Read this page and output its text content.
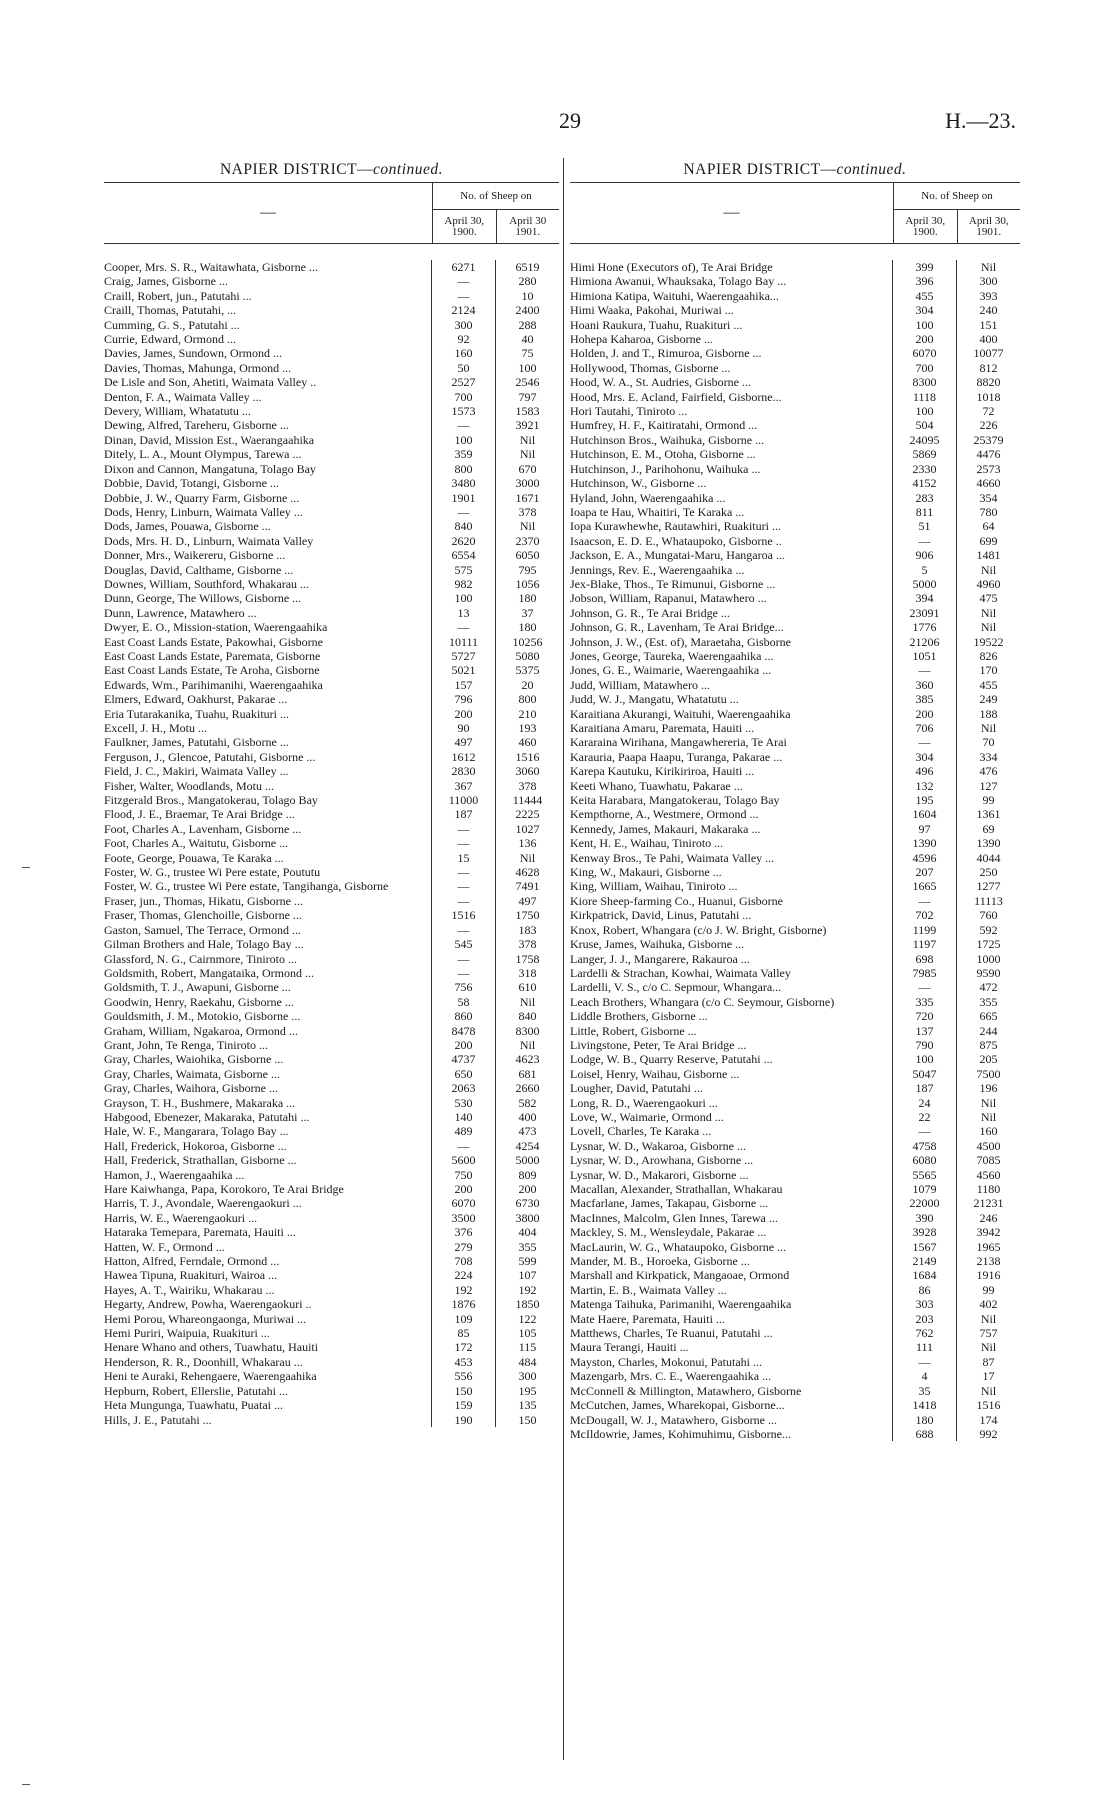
29	H.—23.
NAPIER DISTRICT—continued.
—
No. of Sheep on
April 30, 1900.
April 30 1901.
Cooper, Mrs. S. R., Waitawhata, Gisborne ...	6271	6519
Craig, James, Gisborne ...	—	280
Craill, Robert, jun., Patutahi ...	—	10
Craill, Thomas, Patutahi, ...	2124	2400
Cumming, G. S., Patutahi ...	300	288
Currie, Edward, Ormond ...	92	40
Davies, James, Sundown, Ormond ...	160	75
Davies, Thomas, Mahunga, Ormond ...	50	100
De Lisle and Son, Ahetiti, Waimata Valley ..	2527	2546
Denton, F. A., Waimata Valley ...	700	797
Devery, William, Whatatutu ...	1573	1583
Dewing, Alfred, Tareheru, Gisborne ...	—	3921
Dinan, David, Mission Est., Waerangaahika	100	Nil
Ditely, L. A., Mount Olympus, Tarewa ...	359	Nil
Dixon and Cannon, Mangatuna, Tolago Bay	800	670
Dobbie, David, Totangi, Gisborne ...	3480	3000
Dobbie, J. W., Quarry Farm, Gisborne ...	1901	1671
Dods, Henry, Linburn, Waimata Valley ...	—	378
Dods, James, Pouawa, Gisborne ...	840	Nil
Dods, Mrs. H. D., Linburn, Waimata Valley	2620	2370
Donner, Mrs., Waikereru, Gisborne ...	6554	6050
Douglas, David, Calthame, Gisborne ...	575	795
Downes, William, Southford, Whakarau ...	982	1056
Dunn, George, The Willows, Gisborne ...	100	180
Dunn, Lawrence, Matawhero ...	13	37
Dwyer, E. O., Mission-station, Waerengaahika	—	180
East Coast Lands Estate, Pakowhai, Gisborne	10111	10256
East Coast Lands Estate, Paremata, Gisborne	5727	5080
East Coast Lands Estate, Te Aroha, Gisborne	5021	5375
Edwards, Wm., Parihimanihi, Waerengaahika	157	20
Elmers, Edward, Oakhurst, Pakarae ...	796	800
Eria Tutarakanika, Tuahu, Ruakituri ...	200	210
Excell, J. H., Motu ...	90	193
Faulkner, James, Patutahi, Gisborne ...	497	460
Ferguson, J., Glencoe, Patutahi, Gisborne ...	1612	1516
Field, J. C., Makiri, Waimata Valley ...	2830	3060
Fisher, Walter, Woodlands, Motu ...	367	378
Fitzgerald Bros., Mangatokerau, Tolago Bay	11000	11444
Flood, J. E., Braemar, Te Arai Bridge ...	187	2225
Foot, Charles A., Lavenham, Gisborne ...	—	1027
Foot, Charles A., Waitutu, Gisborne ...	—	136
Foote, George, Pouawa, Te Karaka ...	15	Nil
Foster, W. G., trustee Wi Pere estate, Poututu	—	4628
Foster, W. G., trustee Wi Pere estate, Tangihanga, Gisborne	—	7491
Fraser, jun., Thomas, Hikatu, Gisborne ...	—	497
Fraser, Thomas, Glenchoille, Gisborne ...	1516	1750
Gaston, Samuel, The Terrace, Ormond ...	—	183
Gilman Brothers and Hale, Tolago Bay ...	545	378
Glassford, N. G., Cairnmore, Tiniroto ...	—	1758
Goldsmith, Robert, Mangataika, Ormond ...	—	318
Goldsmith, T. J., Awapuni, Gisborne ...	756	610
Goodwin, Henry, Raekahu, Gisborne ...	58	Nil
Gouldsmith, J. M., Motokio, Gisborne ...	860	840
Graham, William, Ngakaroa, Ormond ...	8478	8300
Grant, John, Te Renga, Tiniroto ...	200	Nil
Gray, Charles, Waiohika, Gisborne ...	4737	4623
Gray, Charles, Waimata, Gisborne ...	650	681
Gray, Charles, Waihora, Gisborne ...	2063	2660
Grayson, T. H., Bushmere, Makaraka ...	530	582
Habgood, Ebenezer, Makaraka, Patutahi ...	140	400
Hale, W. F., Mangarara, Tolago Bay ...	489	473
Hall, Frederick, Hokoroa, Gisborne ...	—	4254
Hall, Frederick, Strathallan, Gisborne ...	5600	5000
Hamon, J., Waerengaahika ...	750	809
Hare Kaiwhanga, Papa, Korokoro, Te Arai Bridge	200	200
Harris, T. J., Avondale, Waerengaokuri ...	6070	6730
Harris, W. E., Waerengaokuri ...	3500	3800
Hataraka Temepara, Paremata, Hauiti ...	376	404
Hatten, W. F., Ormond ...	279	355
Hatton, Alfred, Ferndale, Ormond ...	708	599
Hawea Tipuna, Ruakituri, Wairoa ...	224	107
Hayes, A. T., Wairiku, Whakarau ...	192	192
Hegarty, Andrew, Powha, Waerengaokuri ..	1876	1850
Hemi Porou, Whareongaonga, Muriwai ...	109	122
Hemi Puriri, Waipuia, Ruakituri ...	85	105
Henare Whano and others, Tuawhatu, Hauiti	172	115
Henderson, R. R., Doonhill, Whakarau ...	453	484
Heni te Auraki, Rehengaere, Waerengaahika	556	300
Hepburn, Robert, Ellerslie, Patutahi ...	150	195
Heta Mungunga, Tuawhatu, Puatai ...	159	135
Hills, J. E., Patutahi ...	190	150
NAPIER DISTRICT—continued.
—
No. of Sheep on
April 30, 1900.
April 30, 1901.
Himi Hone (Executors of), Te Arai Bridge	399	Nil
Himiona Awanui, Whauksaka, Tolago Bay ...	396	300
Himiona Katipa, Waituhi, Waerengaahika...	455	393
Himi Waaka, Pakohai, Muriwai ...	304	240
Hoani Raukura, Tuahu, Ruakituri ...	100	151
Hohepa Kaharoa, Gisborne ...	200	400
Holden, J. and T., Rimuroa, Gisborne ...	6070	10077
Hollywood, Thomas, Gisborne ...	700	812
Hood, W. A., St. Audries, Gisborne ...	8300	8820
Hood, Mrs. E. Acland, Fairfield, Gisborne...	1118	1018
Hori Tautahi, Tiniroto ...	100	72
Humfrey, H. F., Kaitiratahi, Ormond ...	504	226
Hutchinson Bros., Waihuka, Gisborne ...	24095	25379
Hutchinson, E. M., Otoha, Gisborne ...	5869	4476
Hutchinson, J., Parihohonu, Waihuka ...	2330	2573
Hutchinson, W., Gisborne ...	4152	4660
Hyland, John, Waerengaahika ...	283	354
Ioapa te Hau, Whaitiri, Te Karaka ...	811	780
Iopa Kurawhewhe, Rautawhiri, Ruakituri ...	51	64
Isaacson, E. D. E., Whataupoko, Gisborne ..	—	699
Jackson, E. A., Mungatai-Maru, Hangaroa ...	906	1481
Jennings, Rev. E., Waerengaahika ...	5	Nil
Jex-Blake, Thos., Te Rimunui, Gisborne ...	5000	4960
Jobson, William, Rapanui, Matawhero ...	394	475
Johnson, G. R., Te Arai Bridge ...	23091	Nil
Johnson, G. R., Lavenham, Te Arai Bridge...	1776	Nil
Johnson, J. W., (Est. of), Maraetaha, Gisborne	21206	19522
Jones, George, Taureka, Waerengaahika ...	1051	826
Jones, G. E., Waimarie, Waerengaahika ...	—	170
Judd, William, Matawhero ...	360	455
Judd, W. J., Mangatu, Whatatutu ...	385	249
Karaitiana Akurangi, Waituhi, Waerengaahika	200	188
Karaitiana Amaru, Paremata, Hauiti ...	706	Nil
Kararaina Wirihana, Mangawhereria, Te Arai	—	70
Karauria, Paapa Haapu, Turanga, Pakarae ...	304	334
Karepa Kautuku, Kirikiriroa, Hauiti ...	496	476
Keeti Whano, Tuawhatu, Pakarae ...	132	127
Keita Harabara, Mangatokerau, Tolago Bay	195	99
Kempthorne, A., Westmere, Ormond ...	1604	1361
Kennedy, James, Makauri, Makaraka ...	97	69
Kent, H. E., Waihau, Tiniroto ...	1390	1390
Kenway Bros., Te Pahi, Waimata Valley ...	4596	4044
King, W., Makauri, Gisborne ...	207	250
King, William, Waihau, Tiniroto ...	1665	1277
Kiore Sheep-farming Co., Huanui, Gisborne	—	11113
Kirkpatrick, David, Linus, Patutahi ...	702	760
Knox, Robert, Whangara (c/o J. W. Bright, Gisborne)	1199	592
Kruse, James, Waihuka, Gisborne ...	1197	1725
Langer, J. J., Mangarere, Rakauroa ...	698	1000
Lardelli & Strachan, Kowhai, Waimata Valley	7985	9590
Lardelli, V. S., c/o C. Sepmour, Whangara...	—	472
Leach Brothers, Whangara (c/o C. Seymour, Gisborne)	335	355
Liddle Brothers, Gisborne ...	720	665
Little, Robert, Gisborne ...	137	244
Livingstone, Peter, Te Arai Bridge ...	790	875
Lodge, W. B., Quarry Reserve, Patutahi ...	100	205
Loisel, Henry, Waihau, Gisborne ...	5047	7500
Lougher, David, Patutahi ...	187	196
Long, R. D., Waerengaokuri ...	24	Nil
Love, W., Waimarie, Ormond ...	22	Nil
Lovell, Charles, Te Karaka ...	—	160
Lysnar, W. D., Wakaroa, Gisborne ...	4758	4500
Lysnar, W. D., Arowhana, Gisborne ...	6080	7085
Lysnar, W. D., Makarori, Gisborne ...	5565	4560
Macallan, Alexander, Strathallan, Whakarau	1079	1180
Macfarlane, James, Takapau, Gisborne ...	22000	21231
MacInnes, Malcolm, Glen Innes, Tarewa ...	390	246
Mackley, S. M., Wensleydale, Pakarae ...	3928	3942
MacLaurin, W. G., Whataupoko, Gisborne ...	1567	1965
Mander, M. B., Horoeka, Gisborne ...	2149	2138
Marshall and Kirkpatick, Mangaoae, Ormond	1684	1916
Martin, E. B., Waimata Valley ...	86	99
Matenga Taihuka, Parimanihi, Waerengaahika	303	402
Mate Haere, Paremata, Hauiti ...	203	Nil
Matthews, Charles, Te Ruanui, Patutahi ...	762	757
Maura Terangi, Hauiti ...	111	Nil
Mayston, Charles, Mokonui, Patutahi ...	—	87
Mazengarb, Mrs. C. E., Waerengaahika ...	4	17
McConnell & Millington, Matawhero, Gisborne	35	Nil
McCutchen, James, Wharekopai, Gisborne...	1418	1516
McDougall, W. J., Matawhero, Gisborne ...	180	174
McIldowrie, James, Kohimuhimu, Gisborne...	688	992
